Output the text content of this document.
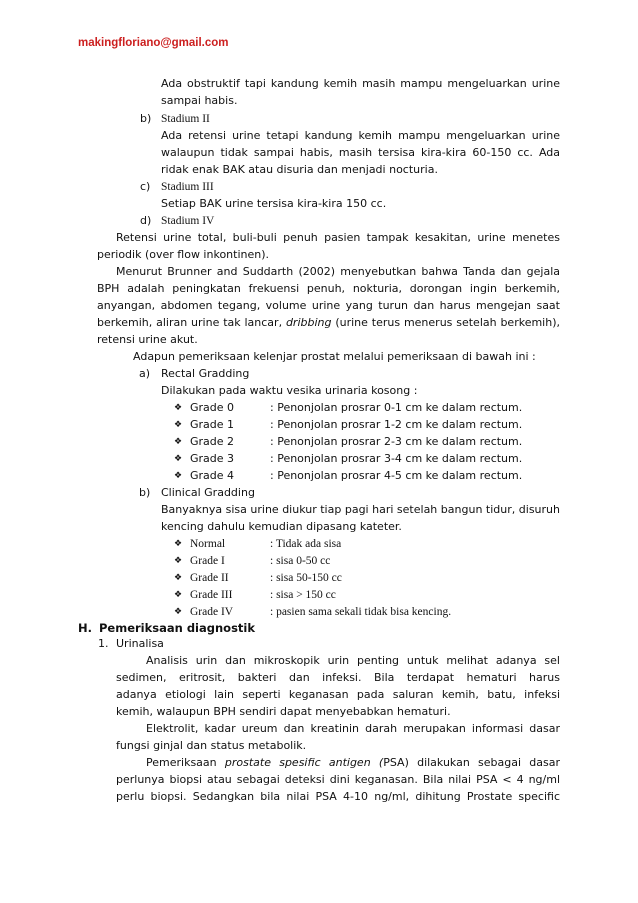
makingfloriano@gmail.com
Ada obstruktif tapi kandung kemih masih mampu mengeluarkan urine
sampai habis.
b) Stadium II
Ada retensi urine tetapi kandung kemih mampu mengeluarkan urine
walaupun tidak sampai habis, masih tersisa kira-kira 60-150 cc. Ada
ridak enak BAK atau disuria dan menjadi nocturia.
c) Stadium III
Setiap BAK urine tersisa kira-kira 150 cc.
d) Stadium IV
Retensi urine total, buli-buli penuh pasien tampak kesakitan, urine menetes
periodik (over flow inkontinen).
Menurut Brunner and Suddarth (2002) menyebutkan bahwa Tanda dan gejala
BPH adalah peningkatan frekuensi penuh, nokturia, dorongan ingin berkemih,
anyangan, abdomen tegang, volume urine yang turun dan harus mengejan saat
berkemih, aliran urine tak lancar, dribbing (urine terus menerus setelah berkemih),
retensi urine akut.
Adapun pemeriksaan kelenjar prostat melalui pemeriksaan di bawah ini :
a) Rectal Gradding
Dilakukan pada waktu vesika urinaria kosong :
❖ Grade 0	: Penonjolan prosrar 0-1 cm ke dalam rectum.
❖ Grade 1	: Penonjolan prosrar 1-2 cm ke dalam rectum.
❖ Grade 2	: Penonjolan prosrar 2-3 cm ke dalam rectum.
❖ Grade 3	: Penonjolan prosrar 3-4 cm ke dalam rectum.
❖ Grade 4	: Penonjolan prosrar 4-5 cm ke dalam rectum.
b) Clinical Gradding
Banyaknya sisa urine diukur tiap pagi hari setelah bangun tidur, disuruh
kencing dahulu kemudian dipasang kateter.
❖ Normal	: Tidak ada sisa
❖ Grade I	: sisa 0-50 cc
❖ Grade II	: sisa 50-150 cc
❖ Grade III	: sisa > 150 cc
❖ Grade IV	: pasien sama sekali tidak bisa kencing.
H. Pemeriksaan diagnostik
1. Urinalisa
Analisis urin dan mikroskopik urin penting untuk melihat adanya sel
sedimen, eritrosit, bakteri dan infeksi. Bila terdapat hematuri harus
adanya etiologi lain seperti keganasan pada saluran kemih, batu, infeksi
kemih, walaupun BPH sendiri dapat menyebabkan hematuri.
Elektrolit, kadar ureum dan kreatinin darah merupakan informasi dasar
fungsi ginjal dan status metabolik.
Pemeriksaan prostate spesific antigen (PSA) dilakukan sebagai dasar
perlunya biopsi atau sebagai deteksi dini keganasan. Bila nilai PSA < 4 ng/ml
perlu biopsi. Sedangkan bila nilai PSA 4-10 ng/ml, dihitung Prostate specific
